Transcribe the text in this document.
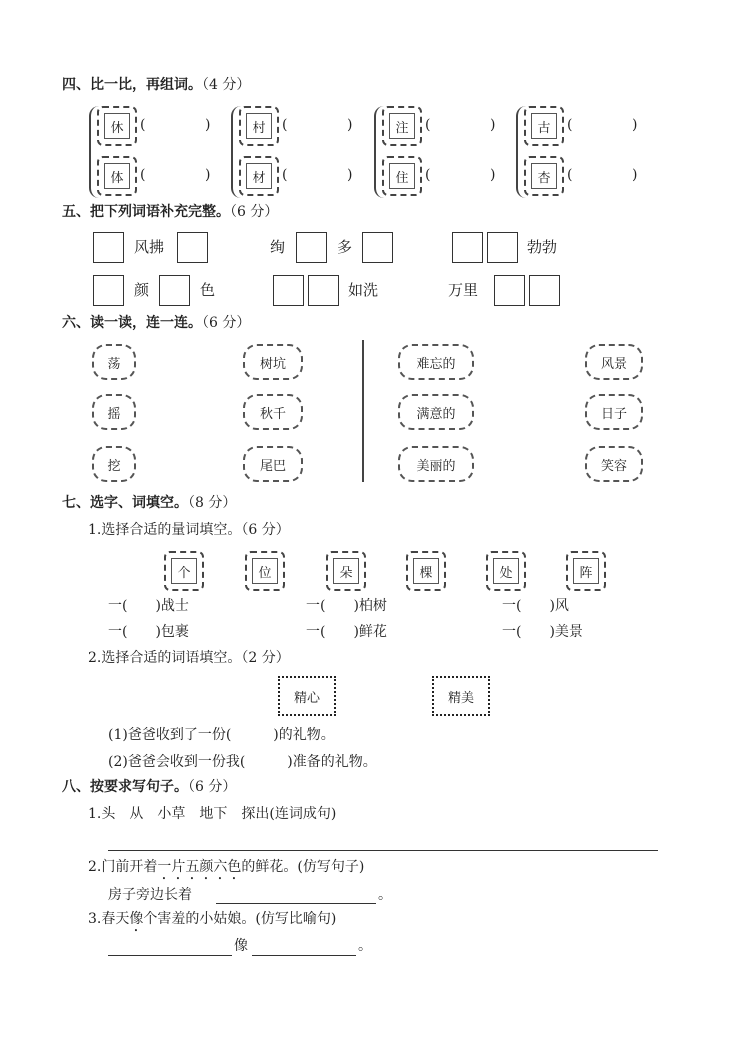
四、比一比，再组词。（4 分）
休	(	)
体	(	)
村	(	)
材	(	)
注	(	)
住	(	)
古	(	)
杏	(	)
五、把下列词语补充完整。（6 分）
风拂	绚	多	勃勃
颜	色	如洗	万里
六、读一读，连一连。（6 分）
荡
摇
挖
树坑
秋千
尾巴
难忘的
满意的
美丽的
风景
日子
笑容
七、选字、词填空。（8 分）
1.选择合适的量词填空。（6 分）
个	位	朵	棵	处	阵
一(　　)战士	一(　　)柏树	一(　　)风
一(　　)包裹	一(　　)鲜花	一(　　)美景
2.选择合适的词语填空。（2 分）
精心	精美
(1)爸爸收到了一份(　　　)的礼物。
(2)爸爸会收到一份我(　　　)准备的礼物。
八、按要求写句子。（6 分）
1.头　从　小草　地下　探出(连词成句)
2.门前开着一片五颜六色的鲜花。(仿写句子)
房子旁边长着	。
3.春天像个害羞的小姑娘。(仿写比喻句)
像	。
